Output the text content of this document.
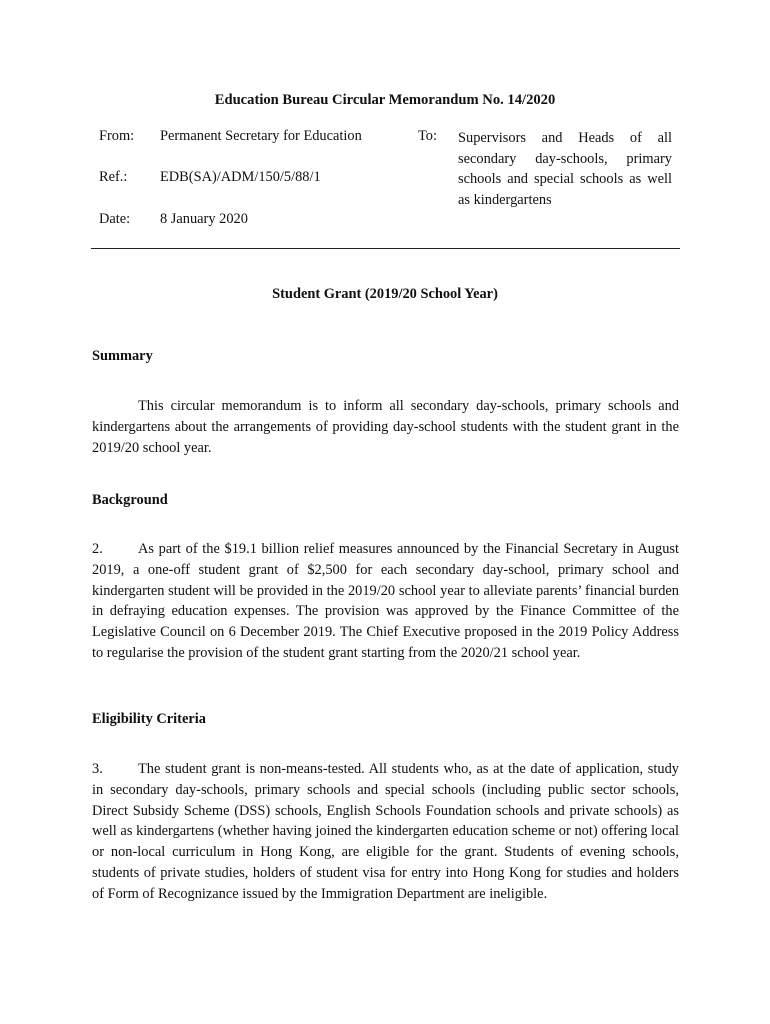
Education Bureau Circular Memorandum No. 14/2020
From: Permanent Secretary for Education
Ref.: EDB(SA)/ADM/150/5/88/1
Date: 8 January 2020
To: Supervisors and Heads of all secondary day-schools, primary schools and special schools as well as kindergartens
Student Grant (2019/20 School Year)
Summary
This circular memorandum is to inform all secondary day-schools, primary schools and kindergartens about the arrangements of providing day-school students with the student grant in the 2019/20 school year.
Background
2. As part of the $19.1 billion relief measures announced by the Financial Secretary in August 2019, a one-off student grant of $2,500 for each secondary day-school, primary school and kindergarten student will be provided in the 2019/20 school year to alleviate parents’ financial burden in defraying education expenses. The provision was approved by the Finance Committee of the Legislative Council on 6 December 2019. The Chief Executive proposed in the 2019 Policy Address to regularise the provision of the student grant starting from the 2020/21 school year.
Eligibility Criteria
3. The student grant is non-means-tested. All students who, as at the date of application, study in secondary day-schools, primary schools and special schools (including public sector schools, Direct Subsidy Scheme (DSS) schools, English Schools Foundation schools and private schools) as well as kindergartens (whether having joined the kindergarten education scheme or not) offering local or non-local curriculum in Hong Kong, are eligible for the grant. Students of evening schools, students of private studies, holders of student visa for entry into Hong Kong for studies and holders of Form of Recognizance issued by the Immigration Department are ineligible.
